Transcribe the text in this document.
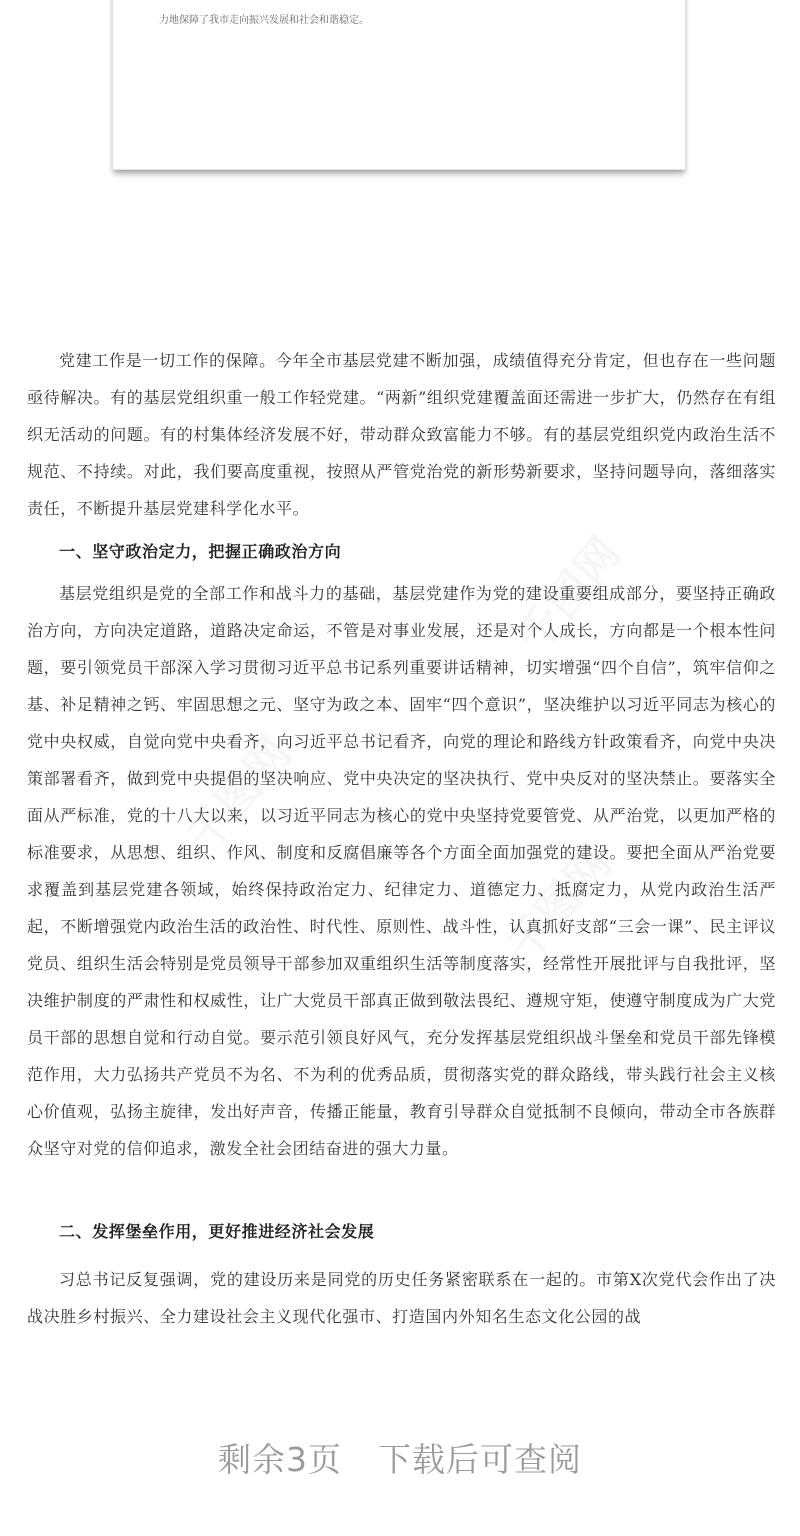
力地保障了我市走向振兴发展和社会和谐稳定。

党建工作是一切工作的保障。今年全市基层党建不断加强，成绩值得充分肯定，但也存在一些问题亟待解决。有的基层党组织重一般工作轻党建。“两新”组织党建覆盖面还需进一步扩大，仍然存在有组织无活动的问题。有的村集体经济发展不好，带动群众致富能力不够。有的基层党组织党内政治生活不规范、不持续。对此，我们要高度重视，按照从严管党治党的新形势新要求，坚持问题导向，落细落实责任，不断提升基层党建科学化水平。

一、坚守政治定力，把握正确政治方向

基层党组织是党的全部工作和战斗力的基础，基层党建作为党的建设重要组成部分，要坚持正确政治方向，方向决定道路，道路决定命运，不管是对事业发展，还是对个人成长，方向都是一个根本性问题，要引领党员干部深入学习贯彻习近平总书记系列重要讲话精神，切实增强“四个自信”，筑牢信仰之基、补足精神之钙、牢固思想之元、坚守为政之本、固牢“四个意识”，坚决维护以习近平同志为核心的党中央权威，自觉向党中央看齐，向习近平总书记看齐，向党的理论和路线方针政策看齐，向党中央决策部署看齐，做到党中央提倡的坚决响应、党中央决定的坚决执行、党中央反对的坚决禁止。要落实全面从严标准，党的十八大以来，以习近平同志为核心的党中央坚持党要管党、从严治党，以更加严格的标准要求，从思想、组织、作风、制度和反腐倡廉等各个方面全面加强党的建设。要把全面从严治党要求覆盖到基层党建各领域，始终保持政治定力、纪律定力、道德定力、抵腐定力，从党内政治生活严起，不断增强党内政治生活的政治性、时代性、原则性、战斗性，认真抓好支部“三会一课”、民主评议党员、组织生活会特别是党员领导干部参加双重组织生活等制度落实，经常性开展批评与自我批评，坚决维护制度的严肃性和权威性，让广大党员干部真正做到敬法畏纪、遵规守矩，使遵守制度成为广大党员干部的思想自觉和行动自觉。要示范引领良好风气，充分发挥基层党组织战斗堡垒和党员干部先锋模范作用，大力弘扬共产党员不为名、不为利的优秀品质，贯彻落实党的群众路线，带头践行社会主义核心价值观，弘扬主旋律，发出好声音，传播正能量，教育引导群众自觉抵制不良倾向，带动全市各族群众坚守对党的信仰追求，激发全社会团结奋进的强大力量。

二、发挥堡垒作用，更好推进经济社会发展

习总书记反复强调，党的建设历来是同党的历史任务紧密联系在一起的。市第X次党代会作出了决战决胜乡村振兴、全力建设社会主义现代化强市、打造国内外知名生态文化公园的战

剩余3页 下载后可查阅
